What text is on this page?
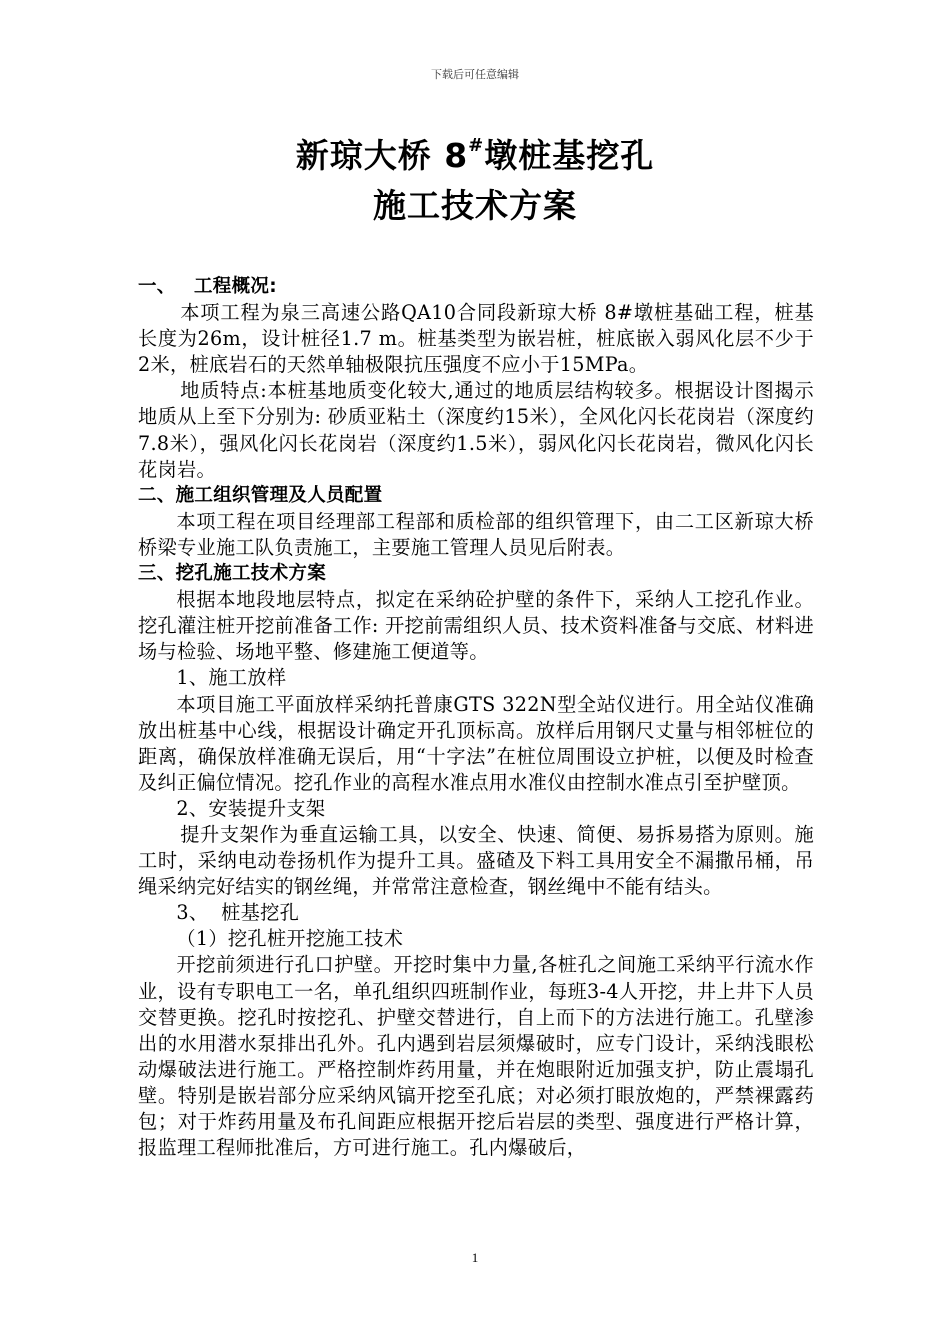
下载后可任意编辑
新琼大桥 8#墩桩基挖孔
施工技术方案

一、 工程概况:

本项工程为泉三高速公路QA10合同段新琼大桥 8#墩桩基础工程，桩基长度为26m，设计桩径1.7 m。桩基类型为嵌岩桩，桩底嵌入弱风化层不少于2米，桩底岩石的天然单轴极限抗压强度不应小于15MPa。

地质特点:本桩基地质变化较大,通过的地质层结构较多。根据设计图揭示地质从上至下分别为: 砂质亚粘土（深度约15米），全风化闪长花岗岩（深度约7.8米），强风化闪长花岗岩（深度约1.5米），弱风化闪长花岗岩，微风化闪长花岗岩。

二、施工组织管理及人员配置

本项工程在项目经理部工程部和质检部的组织管理下，由二工区新琼大桥桥梁专业施工队负责施工，主要施工管理人员见后附表。

三、挖孔施工技术方案

根据本地段地层特点，拟定在采纳砼护壁的条件下，采纳人工挖孔作业。挖孔灌注桩开挖前准备工作: 开挖前需组织人员、技术资料准备与交底、材料进场与检验、场地平整、修建施工便道等。

1、施工放样

本项目施工平面放样采纳托普康GTS 322N型全站仪进行。用全站仪准确放出桩基中心线，根据设计确定开孔顶标高。放样后用钢尺丈量与相邻桩位的距离，确保放样准确无误后，用“十字法”在桩位周围设立护桩，以便及时检查及纠正偏位情况。挖孔作业的高程水准点用水准仪由控制水准点引至护壁顶。

2、安装提升支架

提升支架作为垂直运输工具，以安全、快速、简便、易拆易搭为原则。施工时，采纳电动卷扬机作为提升工具。盛碴及下料工具用安全不漏撒吊桶，吊绳采纳完好结实的钢丝绳，并常常注意检查，钢丝绳中不能有结头。

3、  桩基挖孔

（1）挖孔桩开挖施工技术

开挖前须进行孔口护壁。开挖时集中力量,各桩孔之间施工采纳平行流水作业，设有专职电工一名，单孔组织四班制作业，每班3-4人开挖，井上井下人员交替更换。挖孔时按挖孔、护壁交替进行，自上而下的方法进行施工。孔壁渗出的水用潜水泵排出孔外。孔内遇到岩层须爆破时，应专门设计，采纳浅眼松动爆破法进行施工。严格控制炸药用量，并在炮眼附近加强支护，防止震塌孔壁。特别是嵌岩部分应采纳风镐开挖至孔底；对必须打眼放炮的，严禁裸露药包；对于炸药用量及布孔间距应根据开挖后岩层的类型、强度进行严格计算，报监理工程师批准后，方可进行施工。孔内爆破后，

1
